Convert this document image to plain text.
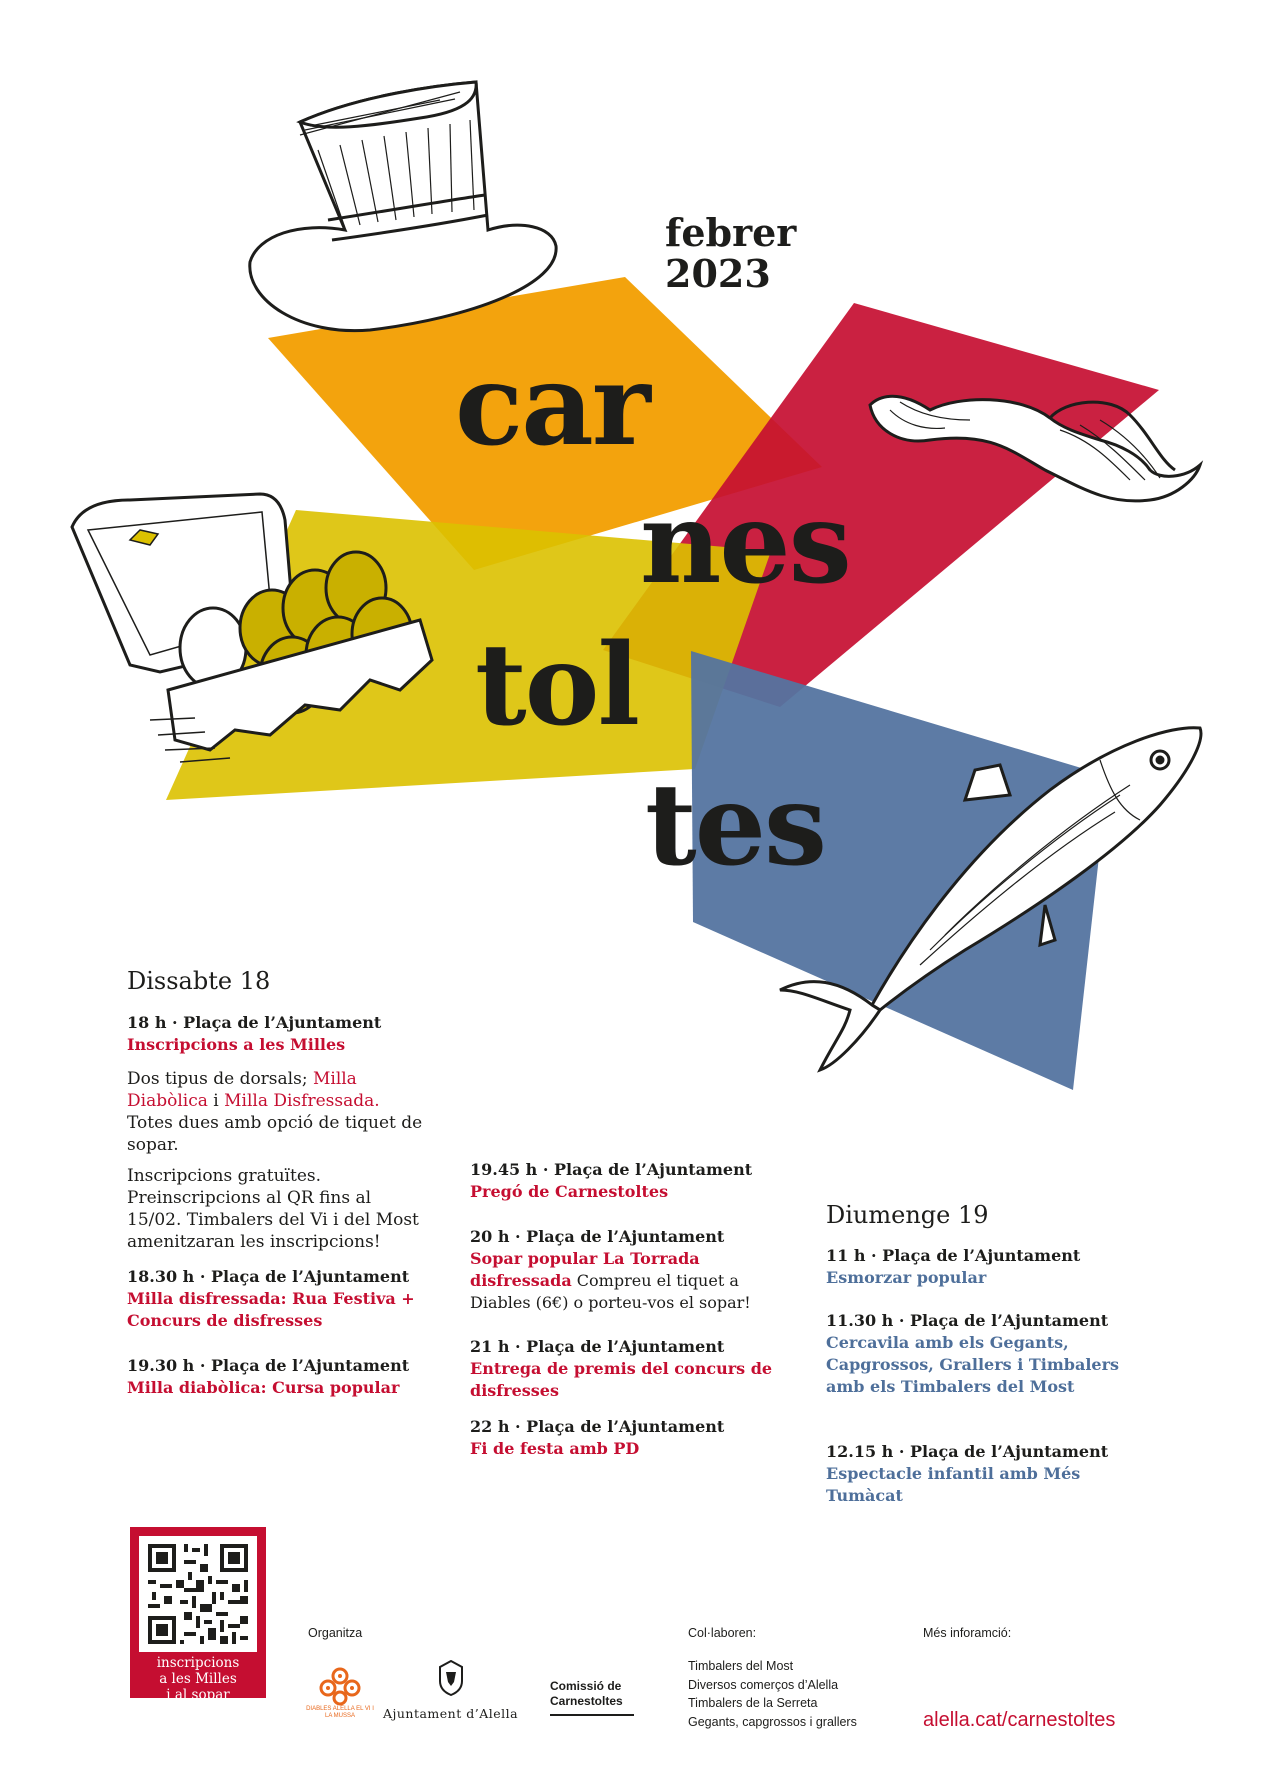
febrer
2023
car
nes
tol
tes
Dissabte 18
18 h · Plaça de l’Ajuntament
Inscripcions a les Milles
Dos tipus de dorsals; Milla Diabòlica i Milla Disfressada. Totes dues amb opció de tiquet de sopar.
Inscripcions gratuïtes. Preinscripcions al QR fins al 15/02. Timbalers del Vi i del Most amenitzaran les inscripcions!
18.30 h · Plaça de l’Ajuntament
Milla disfressada: Rua Festiva + Concurs de disfresses
19.30 h · Plaça de l’Ajuntament
Milla diabòlica: Cursa popular
19.45 h · Plaça de l’Ajuntament
Pregó de Carnestoltes
20 h · Plaça de l’Ajuntament
Sopar popular La Torrada disfressada Compreu el tiquet a Diables (6€) o porteu-vos el sopar!
21 h · Plaça de l’Ajuntament
Entrega de premis del concurs de disfresses
22 h · Plaça de l’Ajuntament
Fi de festa amb PD
Diumenge 19
11 h · Plaça de l’Ajuntament
Esmorzar popular
11.30 h · Plaça de l’Ajuntament
Cercavila amb els Gegants, Capgrossos, Grallers i Timbalers amb els Timbalers del Most
12.15 h · Plaça de l’Ajuntament
Espectacle infantil amb Més Tumàcat
inscripcions
a les Milles
i al sopar
Organitza
DIABLES ALELLA EL VI I LA MUSSA	Ajuntament d’Alella
Comissió de
Carnestoltes
Col·laboren:
Timbalers del Most
Diversos comerços d’Alella
Timbalers de la Serreta
Gegants, capgrossos i grallers
Més inforamció:
alella.cat/carnestoltes
